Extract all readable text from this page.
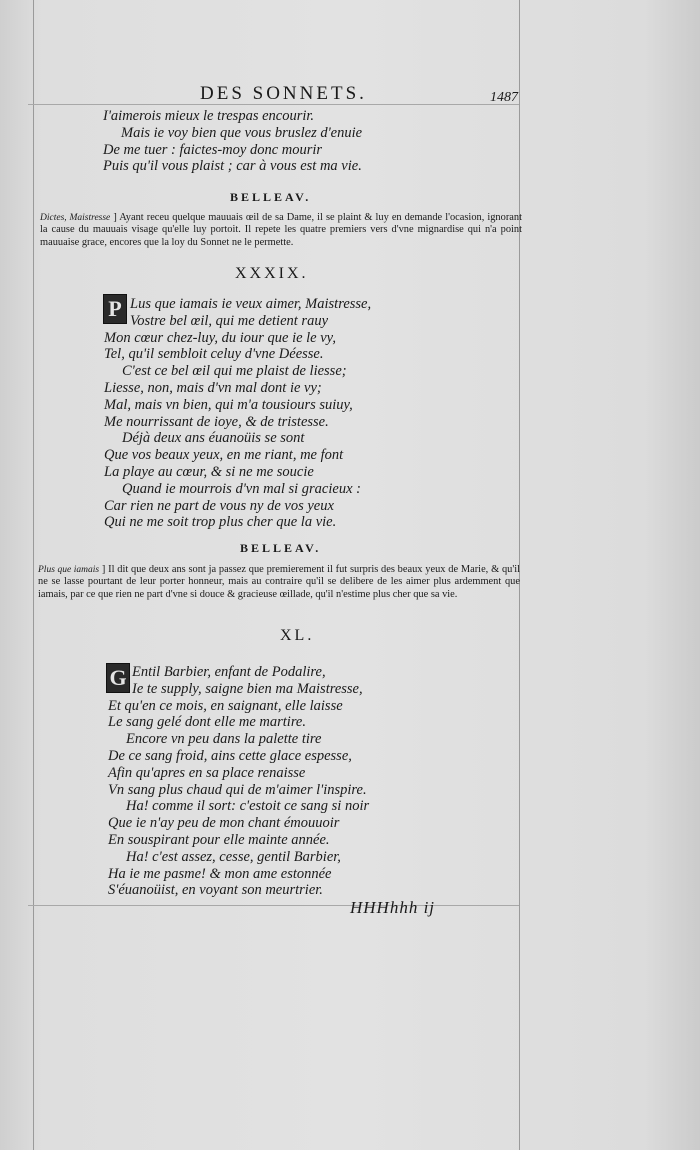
DES SONNETS.	1487
I'aimerois mieux le trespas encourir.
Mais ie voy bien que vous bruslez d'enuie
De me tuer : faictes-moy donc mourir
Puis qu'il vous plaist ; car à vous est ma vie.
BELLEAV.
Dictes, Maistresse ] Ayant receu quelque mauuais œil de sa Dame, il se plaint & luy en demande l'ocasion, ignorant la cause du mauuais visage qu'elle luy portoit. Il repete les quatre premiers vers d'vne mignardise qui n'a point mauuaise grace, encores que la loy du Sonnet ne le permette.
XXXIX.
P Lus que iamais ie veux aimer, Maistresse,
Vostre bel œil, qui me detient rauy
Mon cœur chez-luy, du iour que ie le vy,
Tel, qu'il sembloit celuy d'vne Déesse.
C'est ce bel œil qui me plaist de liesse;
Liesse, non, mais d'vn mal dont ie vy;
Mal, mais vn bien, qui m'a tousiours suiuy,
Me nourrissant de ioye, & de tristesse.
Déjà deux ans éuanoüis se sont
Que vos beaux yeux, en me riant, me font
La playe au cœur, & si ne me soucie
Quand ie mourrois d'vn mal si gracieux :
Car rien ne part de vous ny de vos yeux
Qui ne me soit trop plus cher que la vie.
BELLEAV.
Plus que iamais ] Il dit que deux ans sont ja passez que premierement il fut surpris des beaux yeux de Marie, & qu'il ne se lasse pourtant de leur porter honneur, mais au contraire qu'il se delibere de les aimer plus ardemment que iamais, par ce que rien ne part d'vne si douce & gracieuse œillade, qu'il n'estime plus cher que sa vie.
XL.
G Entil Barbier, enfant de Podalire,
Ie te supply, saigne bien ma Maistresse,
Et qu'en ce mois, en saignant, elle laisse
Le sang gelé dont elle me martire.
Encore vn peu dans la palette tire
De ce sang froid, ains cette glace espesse,
Afin qu'apres en sa place renaisse
Vn sang plus chaud qui de m'aimer l'inspire.
Ha! comme il sort: c'estoit ce sang si noir
Que ie n'ay peu de mon chant émouuoir
En souspirant pour elle mainte année.
Ha! c'est assez, cesse, gentil Barbier,
Ha ie me pasme! & mon ame estonnée
S'éuanoüist, en voyant son meurtrier.
HHHhhh ij
